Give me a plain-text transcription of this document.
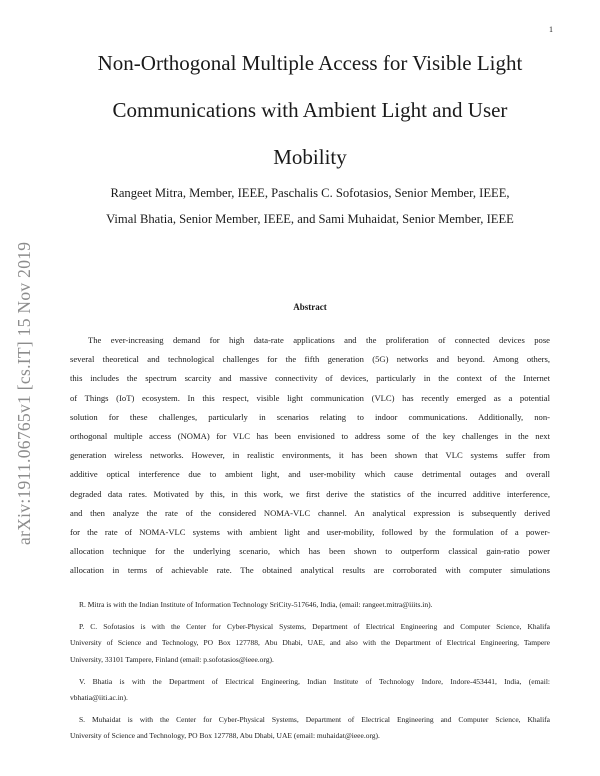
1
arXiv:1911.06765v1 [cs.IT] 15 Nov 2019
Non-Orthogonal Multiple Access for Visible Light
Communications with Ambient Light and User
Mobility
Rangeet Mitra, Member, IEEE, Paschalis C. Sofotasios, Senior Member, IEEE,
Vimal Bhatia, Senior Member, IEEE, and Sami Muhaidat, Senior Member, IEEE
Abstract
The ever-increasing demand for high data-rate applications and the proliferation of connected devices pose
several theoretical and technological challenges for the fifth generation (5G) networks and beyond. Among others,
this includes the spectrum scarcity and massive connectivity of devices, particularly in the context of the Internet
of Things (IoT) ecosystem. In this respect, visible light communication (VLC) has recently emerged as a potential
solution for these challenges, particularly in scenarios relating to indoor communications. Additionally, non-
orthogonal multiple access (NOMA) for VLC has been envisioned to address some of the key challenges in the next
generation wireless networks. However, in realistic environments, it has been shown that VLC systems suffer from
additive optical interference due to ambient light, and user-mobility which cause detrimental outages and overall
degraded data rates. Motivated by this, in this work, we first derive the statistics of the incurred additive interference,
and then analyze the rate of the considered NOMA-VLC channel. An analytical expression is subsequently derived
for the rate of NOMA-VLC systems with ambient light and user-mobility, followed by the formulation of a power-
allocation technique for the underlying scenario, which has been shown to outperform classical gain-ratio power
allocation in terms of achievable rate. The obtained analytical results are corroborated with computer simulations
R. Mitra is with the Indian Institute of Information Technology SriCity-517646, India, (email: rangeet.mitra@iiits.in).
P. C. Sofotasios is with the Center for Cyber-Physical Systems, Department of Electrical Engineering and Computer Science, Khalifa
University of Science and Technology, PO Box 127788, Abu Dhabi, UAE, and also with the Department of Electrical Engineering, Tampere
University, 33101 Tampere, Finland (email: p.sofotasios@ieee.org).
V. Bhatia is with the Department of Electrical Engineering, Indian Institute of Technology Indore, Indore-453441, India, (email:
vbhatia@iiti.ac.in).
S. Muhaidat is with the Center for Cyber-Physical Systems, Department of Electrical Engineering and Computer Science, Khalifa
University of Science and Technology, PO Box 127788, Abu Dhabi, UAE (email: muhaidat@ieee.org).
